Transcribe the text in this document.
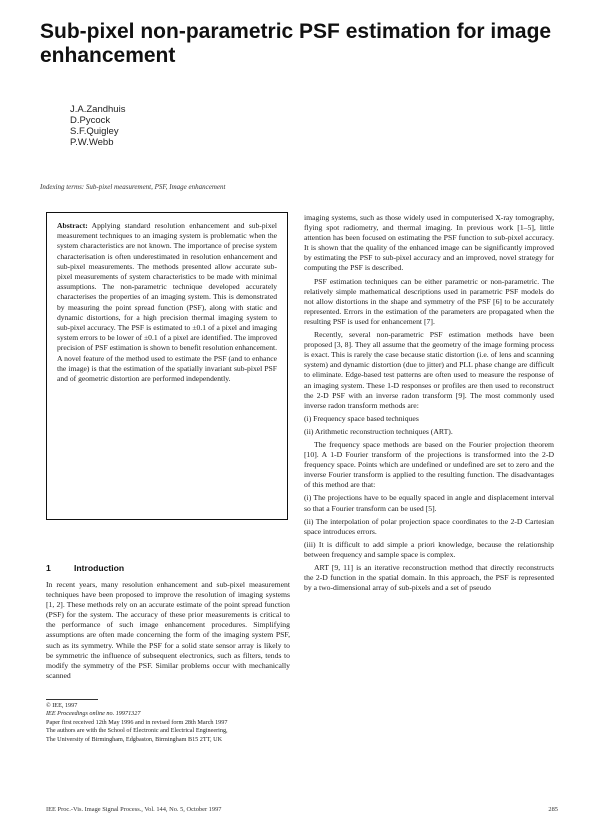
Sub-pixel non-parametric PSF estimation for image enhancement
J.A.Zandhuis
D.Pycock
S.F.Quigley
P.W.Webb
Indexing terms: Sub-pixel measurement, PSF, Image enhancement

Abstract: Applying standard resolution enhancement and sub-pixel measurement techniques to an imaging system is problematic when the system characteristics are not known. The importance of precise system characterisation is often underestimated in resolution enhancement and sub-pixel measurements. The methods presented allow accurate sub-pixel measurements of system characteristics to be made with minimal assumptions. The non-parametric technique developed accurately characterises the properties of an imaging system. This is demonstrated by measuring the point spread function (PSF), along with static and dynamic distortions, for a high precision thermal imaging system to sub-pixel accuracy. The PSF is estimated to ±0.1 of a pixel and imaging system errors to be lower of ±0.1 of a pixel are identified. The improved precision of PSF estimation is shown to benefit resolution enhancement. A novel feature of the method used to estimate the PSF (and to enhance the image) is that the estimation of the spatially invariant sub-pixel PSF and of geometric distortion are performed independently.

1	Introduction

In recent years, many resolution enhancement and sub-pixel measurement techniques have been proposed to improve the resolution of imaging systems [1, 2]. These methods rely on an accurate estimate of the point spread function (PSF) for the system. The accuracy of these prior measurements is critical to the performance of such image enhancement procedures. Simplifying assumptions are often made concerning the form of the imaging system PSF, such as its symmetry. While the PSF for a solid state sensor array is likely to be symmetric the influence of subsequent electronics, such as filters, tends to modify the symmetry of the PSF. Similar problems occur with mechanically scanned

© IEE, 1997
IEE Proceedings online no. 19971327
Paper first received 12th May 1996 and in revised form 28th March 1997
The authors are with the School of Electronic and Electrical Engineering,
The University of Birmingham, Edgbaston, Birmingham B15 2TT, UK

imaging systems, such as those widely used in computerised X-ray tomography, flying spot radiometry, and thermal imaging. In previous work [1–5], little attention has been focused on estimating the PSF function to sub-pixel accuracy. It is shown that the quality of the enhanced image can be significantly improved by estimating the PSF to sub-pixel accuracy and an improved, novel strategy for computing the PSF is described.

PSF estimation techniques can be either parametric or non-parametric. The relatively simple mathematical descriptions used in parametric PSF models do not allow distortions in the shape and symmetry of the PSF [6] to be accurately represented. Errors in the estimation of the parameters are propagated when the resulting PSF is used for enhancement [7].

Recently, several non-parametric PSF estimation methods have been proposed [3, 8]. They all assume that the geometry of the image forming process is exact. This is rarely the case because static distortion (i.e. of lens and scanning system) and dynamic distortion (due to jitter) and PLL phase change are difficult to eliminate. Edge-based test patterns are often used to measure the response of an imaging system. These 1-D responses or profiles are then used to reconstruct the 2-D PSF with an inverse radon transform [9]. The most commonly used inverse radon transform methods are:

(i) Frequency space based techniques

(ii) Arithmetic reconstruction techniques (ART).

The frequency space methods are based on the Fourier projection theorem [10]. A 1-D Fourier transform of the projections is transformed into the 2-D frequency space. Points which are undefined or undefined are set to zero and the inverse Fourier transform is applied to the resulting function. The disadvantages of this method are that:

(i) The projections have to be equally spaced in angle and displacement interval so that a Fourier transform can be used [5].

(ii) The interpolation of polar projection space coordinates to the 2-D Cartesian space introduces errors.

(iii) It is difficult to add simple a priori knowledge, because the relationship between frequency and sample space is complex.

ART [9, 11] is an iterative reconstruction method that directly reconstructs the 2-D function in the spatial domain. In this approach, the PSF is represented by a two-dimensional array of sub-pixels and a set of pseudo

IEE Proc.-Vis. Image Signal Process., Vol. 144, No. 5, October 1997	285
